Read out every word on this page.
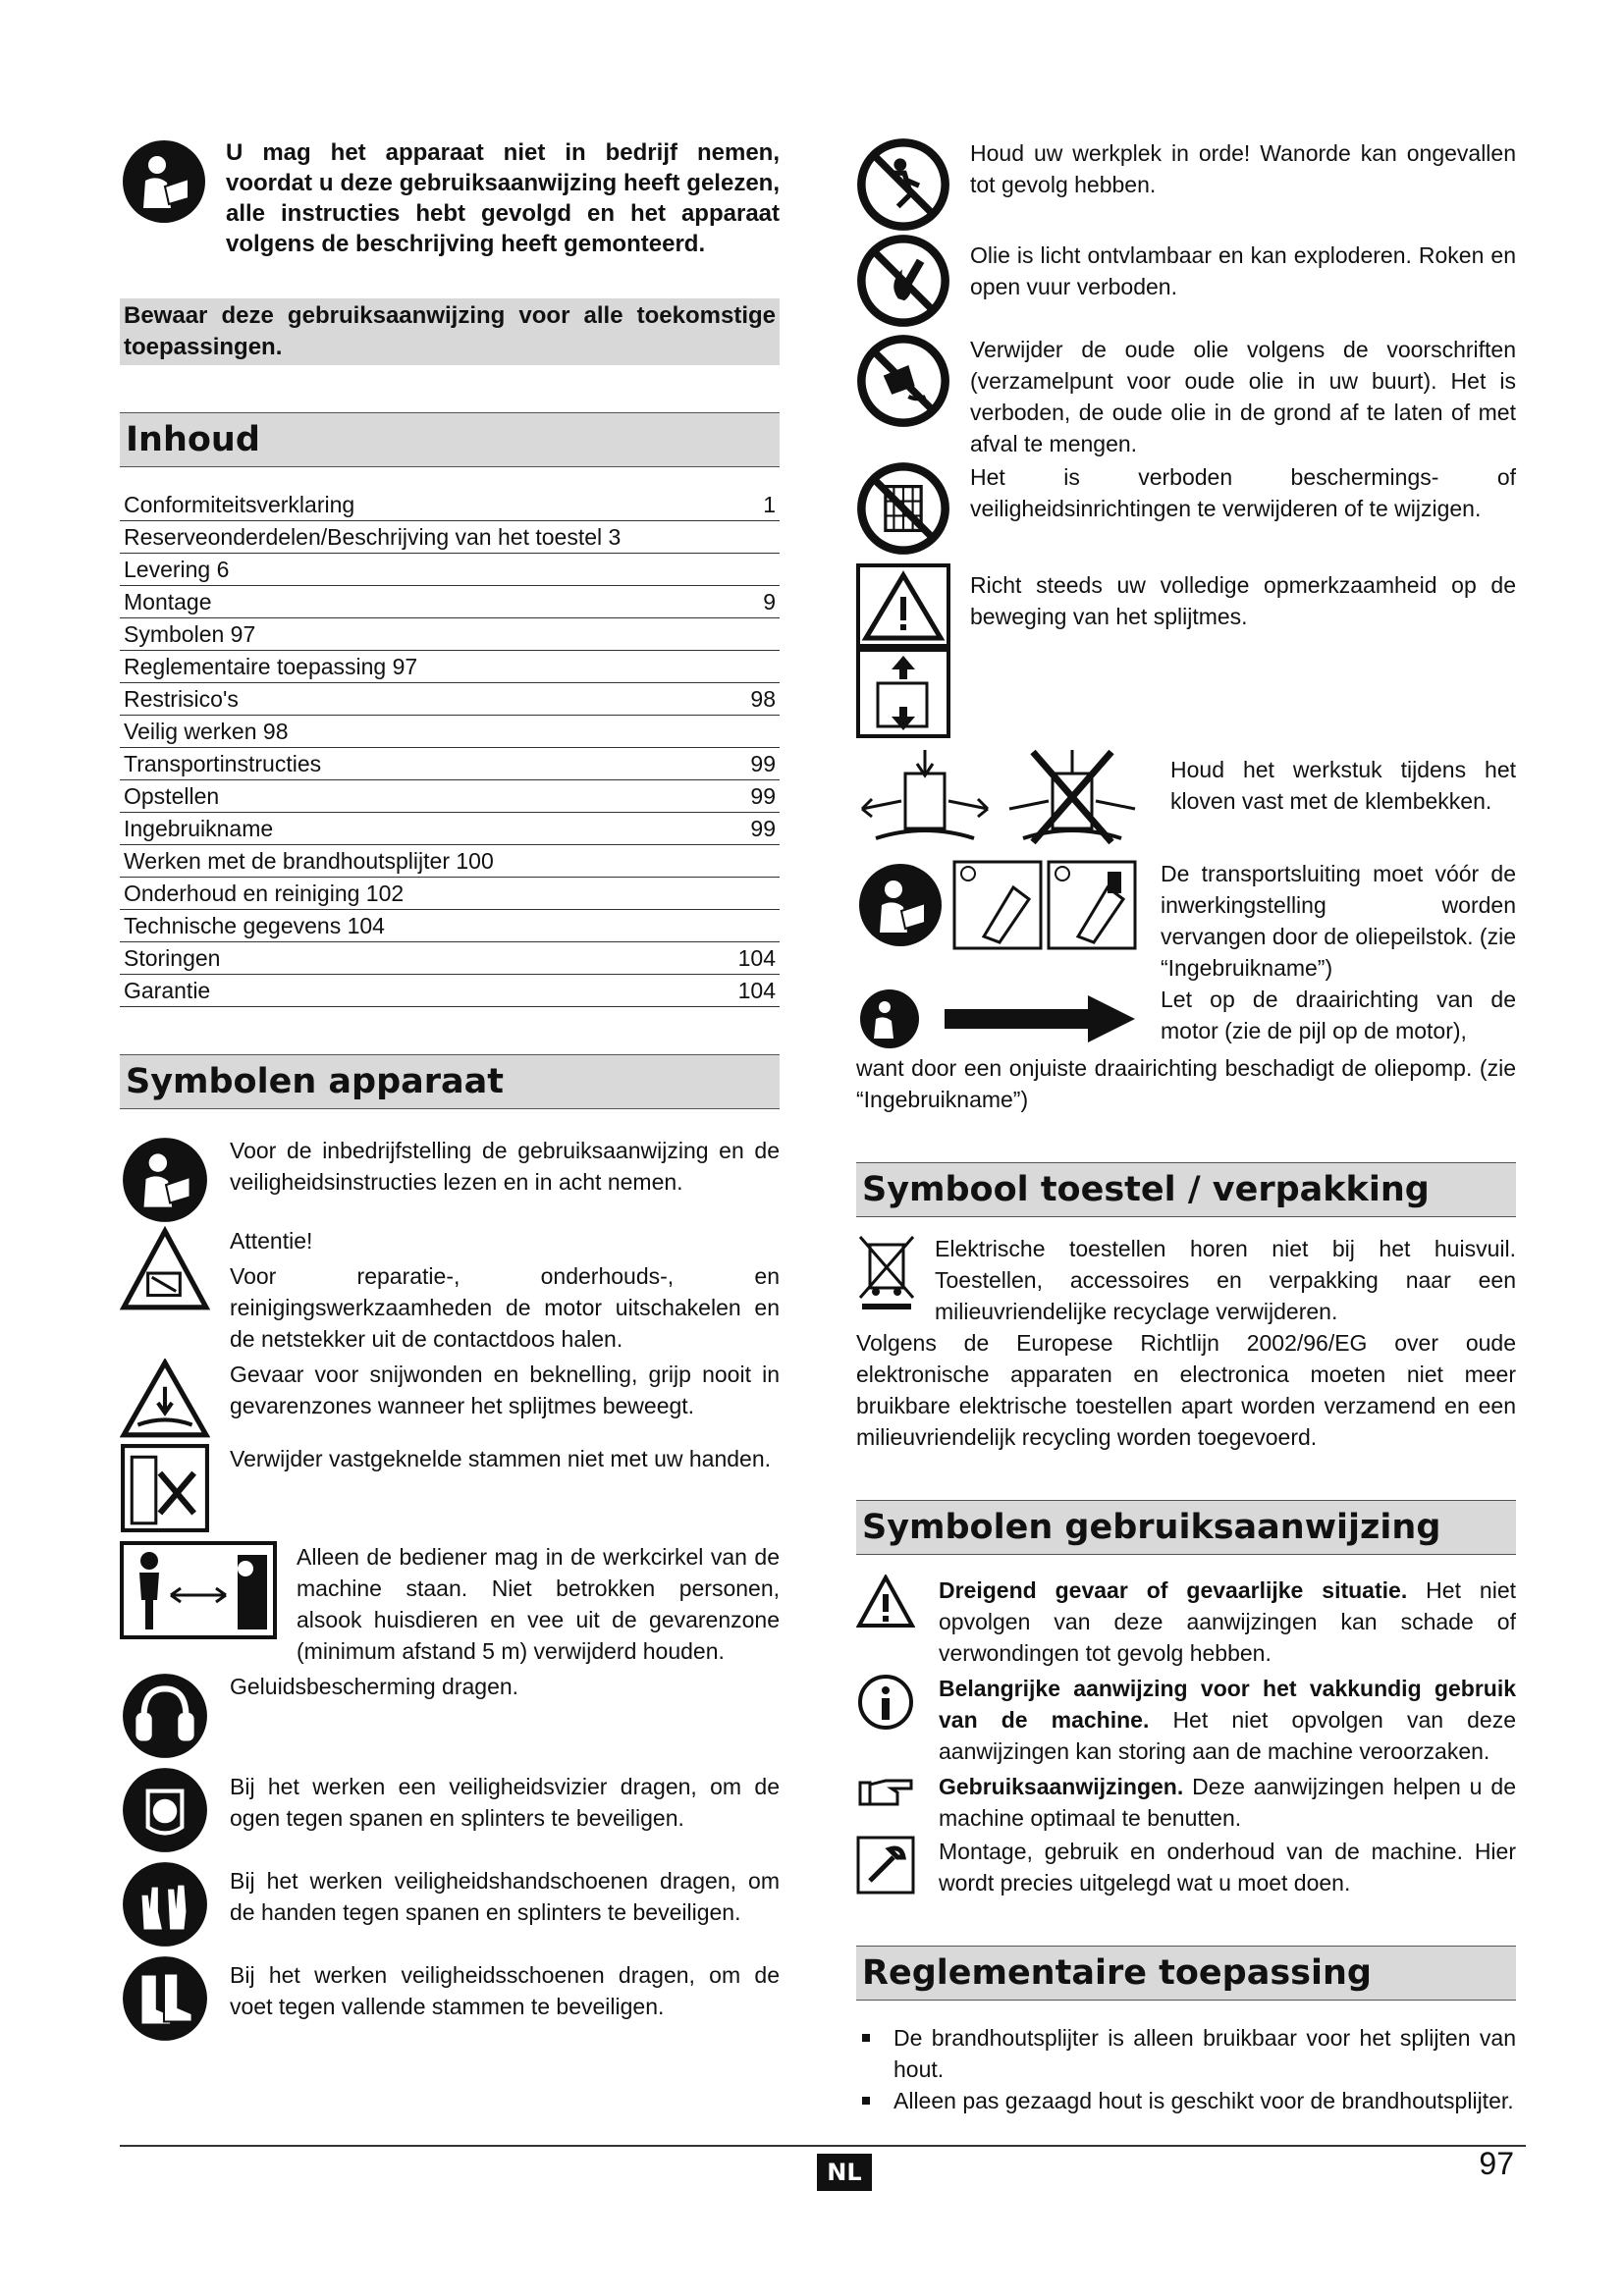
U mag het apparaat niet in bedrijf nemen, voordat u deze gebruiksaanwijzing heeft gelezen, alle instructies hebt gevolgd en het apparaat volgens de beschrijving heeft gemonteerd.

Bewaar deze gebruiksaanwijzing voor alle toekomstige toepassingen.

Inhoud
Conformiteitsverklaring	1
Reserveonderdelen/Beschrijving van het toestel 3
Levering 6
Montage	9
Symbolen 97
Reglementaire toepassing 97
Restrisico's	98
Veilig werken 98
Transportinstructies	99
Opstellen	99
Ingebruikname	99
Werken met de brandhoutsplijter 100
Onderhoud en reiniging 102
Technische gegevens 104
Storingen	104
Garantie	104
Symbolen apparaat

Voor de inbedrijfstelling de gebruiksaanwijzing en de veiligheidsinstructies lezen en in acht nemen.

Attentie!

Voor reparatie-, onderhouds-, en reinigingswerkzaamheden de motor uitschakelen en de netstekker uit de contactdoos halen.

Gevaar voor snijwonden en beknelling, grijp nooit in gevarenzones wanneer het splijtmes beweegt.

Verwijder vastgeknelde stammen niet met uw handen.

Alleen de bediener mag in de werkcirkel van de machine staan. Niet betrokken personen, alsook huisdieren en vee uit de gevarenzone (minimum afstand 5 m) verwijderd houden.

Geluidsbescherming dragen.

Bij het werken een veiligheidsvizier dragen, om de ogen tegen spanen en splinters te beveiligen.

Bij het werken veiligheidshandschoenen dragen, om de handen tegen spanen en splinters te beveiligen.

Bij het werken veiligheidsschoenen dragen, om de voet tegen vallende stammen te beveiligen.

Houd uw werkplek in orde! Wanorde kan ongevallen tot gevolg hebben.

Olie is licht ontvlambaar en kan exploderen. Roken en open vuur verboden.

Verwijder de oude olie volgens de voorschriften (verzamelpunt voor oude olie in uw buurt). Het is verboden, de oude olie in de grond af te laten of met afval te mengen.

Het is verboden beschermings- of veiligheidsinrichtingen te verwijderen of te wijzigen.

Richt steeds uw volledige opmerkzaamheid op de beweging van het splijtmes.

Houd het werkstuk tijdens het kloven vast met de klembekken.

De transportsluiting moet vóór de inwerkingstelling worden vervangen door de oliepeilstok. (zie “Ingebruikname”)

Let op de draairichting van de motor (zie de pijl op de motor),

want door een onjuiste draairichting beschadigt de oliepomp. (zie “Ingebruikname”)

Symbool toestel / verpakking

Elektrische toestellen horen niet bij het huisvuil. Toestellen, accessoires en verpakking naar een milieuvriendelijke recyclage verwijderen.

Volgens de Europese Richtlijn 2002/96/EG over oude elektronische apparaten en electronica moeten niet meer bruikbare elektrische toestellen apart worden verzamend en een milieuvriendelijk recycling worden toegevoerd.

Symbolen gebruiksaanwijzing

Dreigend gevaar of gevaarlijke situatie. Het niet opvolgen van deze aanwijzingen kan schade of verwondingen tot gevolg hebben.

Belangrijke aanwijzing voor het vakkundig gebruik van de machine. Het niet opvolgen van deze aanwijzingen kan storing aan de machine veroorzaken.

Gebruiksaanwijzingen. Deze aanwijzingen helpen u de machine optimaal te benutten.

Montage, gebruik en onderhoud van de machine. Hier wordt precies uitgelegd wat u moet doen.

Reglementaire toepassing
De brandhoutsplijter is alleen bruikbaar voor het splijten van hout.
Alleen pas gezaagd hout is geschikt voor de brandhoutsplijter.
NL	97
